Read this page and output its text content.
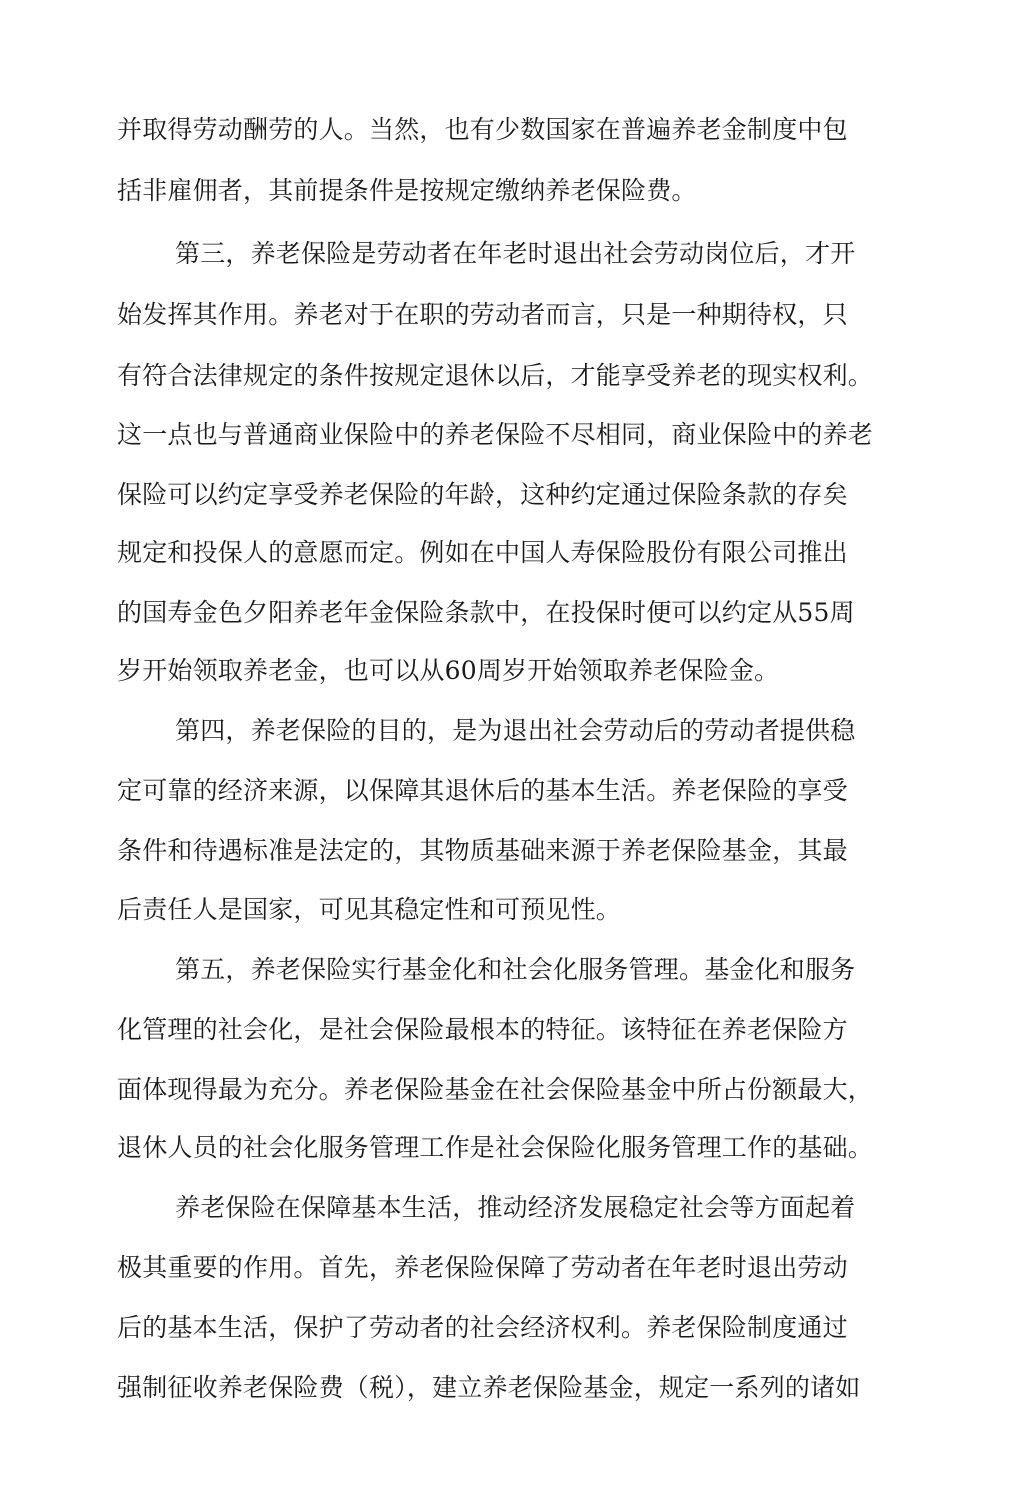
并取得劳动酬劳的人。当然，也有少数国家在普遍养老金制度中包
括非雇佣者，其前提条件是按规定缴纳养老保险费。
第三，养老保险是劳动者在年老时退出社会劳动岗位后，才开
始发挥其作用。养老对于在职的劳动者而言，只是一种期待权，只
有符合法律规定的条件按规定退休以后，才能享受养老的现实权利。
这一点也与普通商业保险中的养老保险不尽相同，商业保险中的养老
保险可以约定享受养老保险的年龄，这种约定通过保险条款的存矣
规定和投保人的意愿而定。例如在中国人寿保险股份有限公司推出
的国寿金色夕阳养老年金保险条款中，在投保时便可以约定从55周
岁开始领取养老金，也可以从60周岁开始领取养老保险金。
第四，养老保险的目的，是为退出社会劳动后的劳动者提供稳
定可靠的经济来源，以保障其退休后的基本生活。养老保险的享受
条件和待遇标准是法定的，其物质基础来源于养老保险基金，其最
后责任人是国家，可见其稳定性和可预见性。
第五，养老保险实行基金化和社会化服务管理。基金化和服务
化管理的社会化，是社会保险最根本的特征。该特征在养老保险方
面体现得最为充分。养老保险基金在社会保险基金中所占份额最大，
退休人员的社会化服务管理工作是社会保险化服务管理工作的基础。
养老保险在保障基本生活，推动经济发展稳定社会等方面起着
极其重要的作用。首先，养老保险保障了劳动者在年老时退出劳动
后的基本生活，保护了劳动者的社会经济权利。养老保险制度通过
强制征收养老保险费（税），建立养老保险基金，规定一系列的诸如
